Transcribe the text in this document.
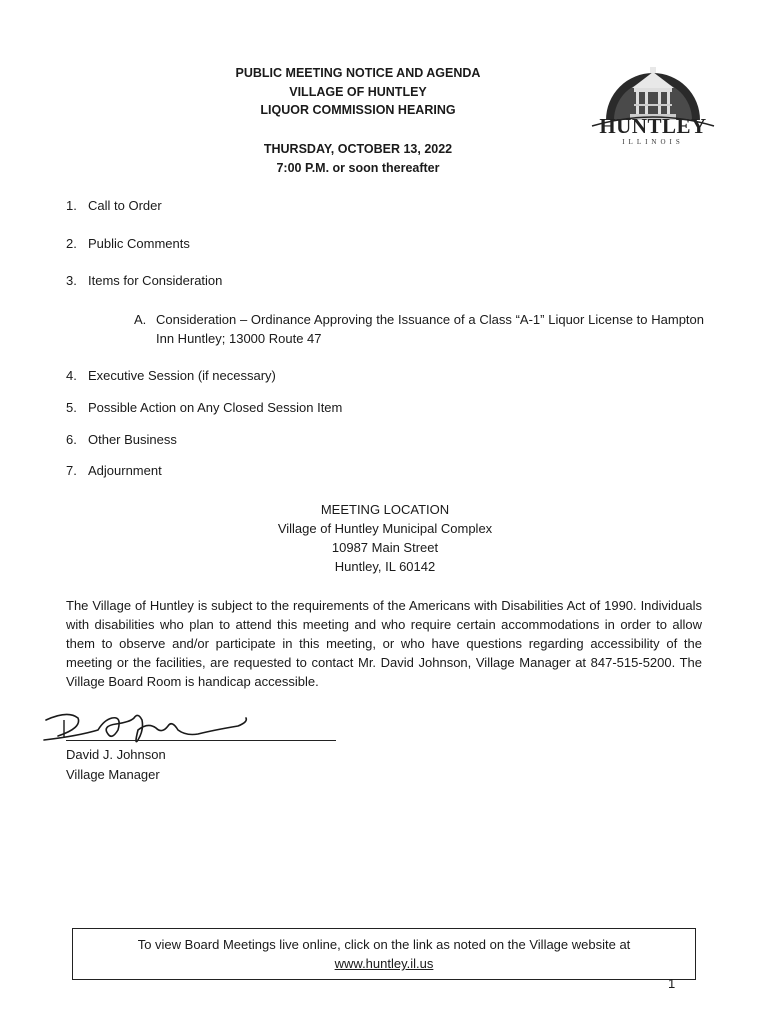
PUBLIC MEETING NOTICE AND AGENDA
VILLAGE OF HUNTLEY
LIQUOR COMMISSION HEARING
THURSDAY, OCTOBER 13, 2022
7:00 P.M. or soon thereafter
HUNTLEY
ILLINOIS
1. Call to Order
2. Public Comments
3. Items for Consideration
A. Consideration – Ordinance Approving the Issuance of a Class “A-1” Liquor License to Hampton Inn Huntley; 13000 Route 47
4. Executive Session (if necessary)
5. Possible Action on Any Closed Session Item
6. Other Business
7. Adjournment
MEETING LOCATION
Village of Huntley Municipal Complex
10987 Main Street
Huntley, IL 60142
The Village of Huntley is subject to the requirements of the Americans with Disabilities Act of 1990. Individuals with disabilities who plan to attend this meeting and who require certain accommodations in order to allow them to observe and/or participate in this meeting, or who have questions regarding accessibility of the meeting or the facilities, are requested to contact Mr. David Johnson, Village Manager at 847-515-5200. The Village Board Room is handicap accessible.
David J. Johnson
Village Manager
To view Board Meetings live online, click on the link as noted on the Village website at
www.huntley.il.us
1
